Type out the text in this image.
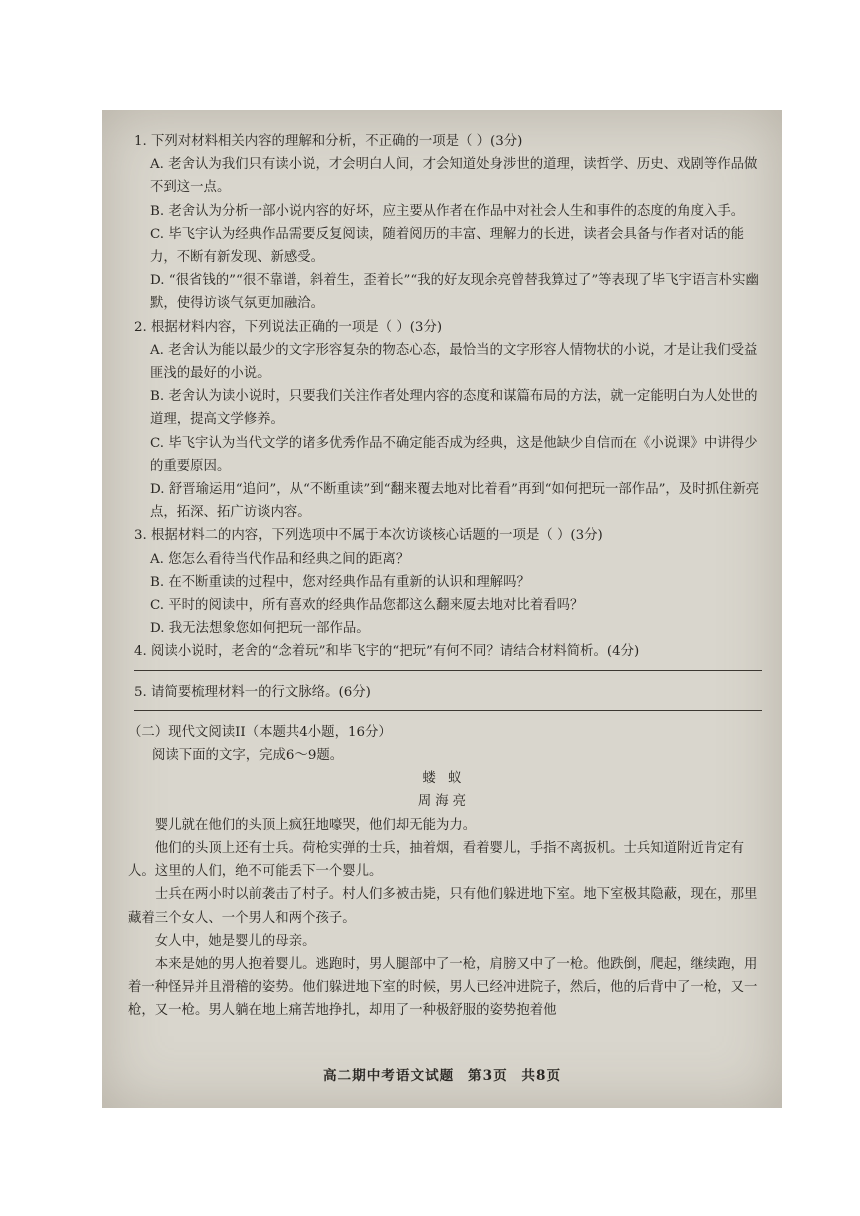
1. 下列对材料相关内容的理解和分析，不正确的一项是（ ）(3分)

A. 老舍认为我们只有读小说，才会明白人间，才会知道处身涉世的道理，读哲学、历史、戏剧等作品做不到这一点。

B. 老舍认为分析一部小说内容的好坏，应主要从作者在作品中对社会人生和事件的态度的角度入手。

C. 毕飞宇认为经典作品需要反复阅读，随着阅历的丰富、理解力的长进，读者会具备与作者对话的能力，不断有新发现、新感受。

D. “很省钱的”“很不靠谱，斜着生，歪着长”“我的好友现余亮曾替我算过了”等表现了毕飞宇语言朴实幽默，使得访谈气氛更加融洽。

2. 根据材料内容，下列说法正确的一项是（ ）(3分)

A. 老舍认为能以最少的文字形容复杂的物态心态，最恰当的文字形容人情物状的小说，才是让我们受益匪浅的最好的小说。

B. 老舍认为读小说时，只要我们关注作者处理内容的态度和谋篇布局的方法，就一定能明白为人处世的道理，提高文学修养。

C. 毕飞宇认为当代文学的诸多优秀作品不确定能否成为经典，这是他缺少自信而在《小说课》中讲得少的重要原因。

D. 舒晋瑜运用“追问”，从“不断重读”到“翻来覆去地对比着看”再到“如何把玩一部作品”，及时抓住新亮点，拓深、拓广访谈内容。

3. 根据材料二的内容，下列选项中不属于本次访谈核心话题的一项是（ ）(3分)

A. 您怎么看待当代作品和经典之间的距离？

B. 在不断重读的过程中，您对经典作品有重新的认识和理解吗？

C. 平时的阅读中，所有喜欢的经典作品您都这么翻来厦去地对比着看吗？

D. 我无法想象您如何把玩一部作品。

4. 阅读小说时，老舍的“念着玩”和毕飞宇的“把玩”有何不同？请结合材料简析。(4分)

5. 请简要梳理材料一的行文脉络。(6分)

（二）现代文阅读II（本题共4小题，16分）

阅读下面的文字，完成6～9题。

蝼 蚁

周海亮

婴儿就在他们的头顶上疯狂地嚎哭，他们却无能为力。

他们的头顶上还有士兵。荷枪实弹的士兵，抽着烟，看着婴儿，手指不离扳机。士兵知道附近肯定有人。这里的人们，绝不可能丢下一个婴儿。

士兵在两小时以前袭击了村子。村人们多被击毙，只有他们躲进地下室。地下室极其隐蔽，现在，那里藏着三个女人、一个男人和两个孩子。

女人中，她是婴儿的母亲。

本来是她的男人抱着婴儿。逃跑时，男人腿部中了一枪，肩膀又中了一枪。他跌倒，爬起，继续跑，用着一种怪异并且滑稽的姿势。他们躲进地下室的时候，男人已经冲进院子，然后，他的后背中了一枪，又一枪，又一枪。男人躺在地上痛苦地挣扎，却用了一种极舒服的姿势抱着他

高二期中考语文试题 第3页 共8页
